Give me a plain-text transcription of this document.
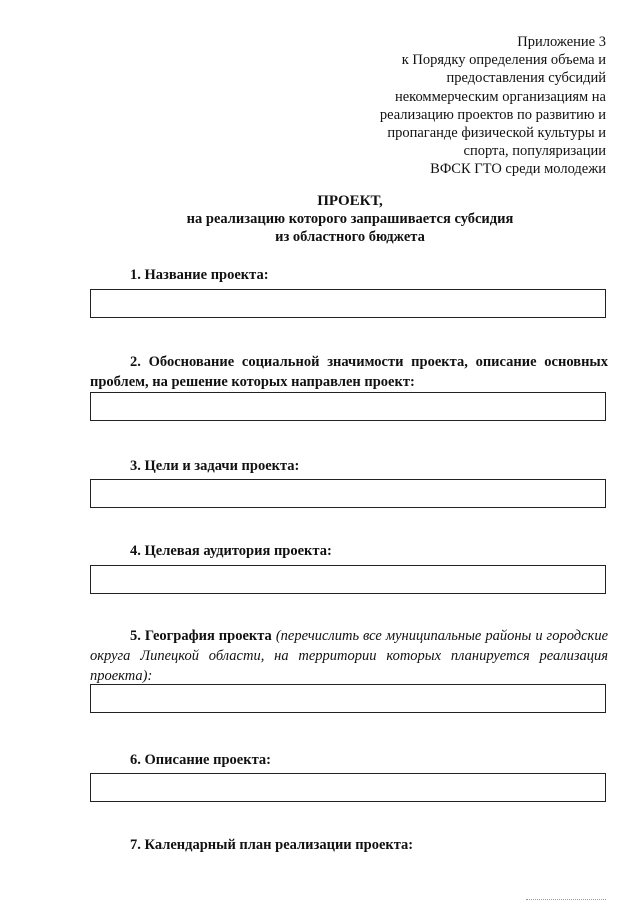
Приложение 3
к Порядку определения объема и
предоставления субсидий
некоммерческим организациям на
реализацию проектов по развитию и
пропаганде физической культуры и
спорта, популяризации
ВФСК ГТО среди молодежи
ПРОЕКТ,
на реализацию которого запрашивается субсидия
из областного бюджета
1. Название проекта:
2. Обоснование социальной значимости проекта, описание основных проблем, на решение которых направлен проект:
3. Цели и задачи проекта:
4. Целевая аудитория проекта:
5. География проекта (перечислить все муниципальные районы и городские округа Липецкой области, на территории которых планируется реализация проекта):
6. Описание проекта:
7. Календарный план реализации проекта:
